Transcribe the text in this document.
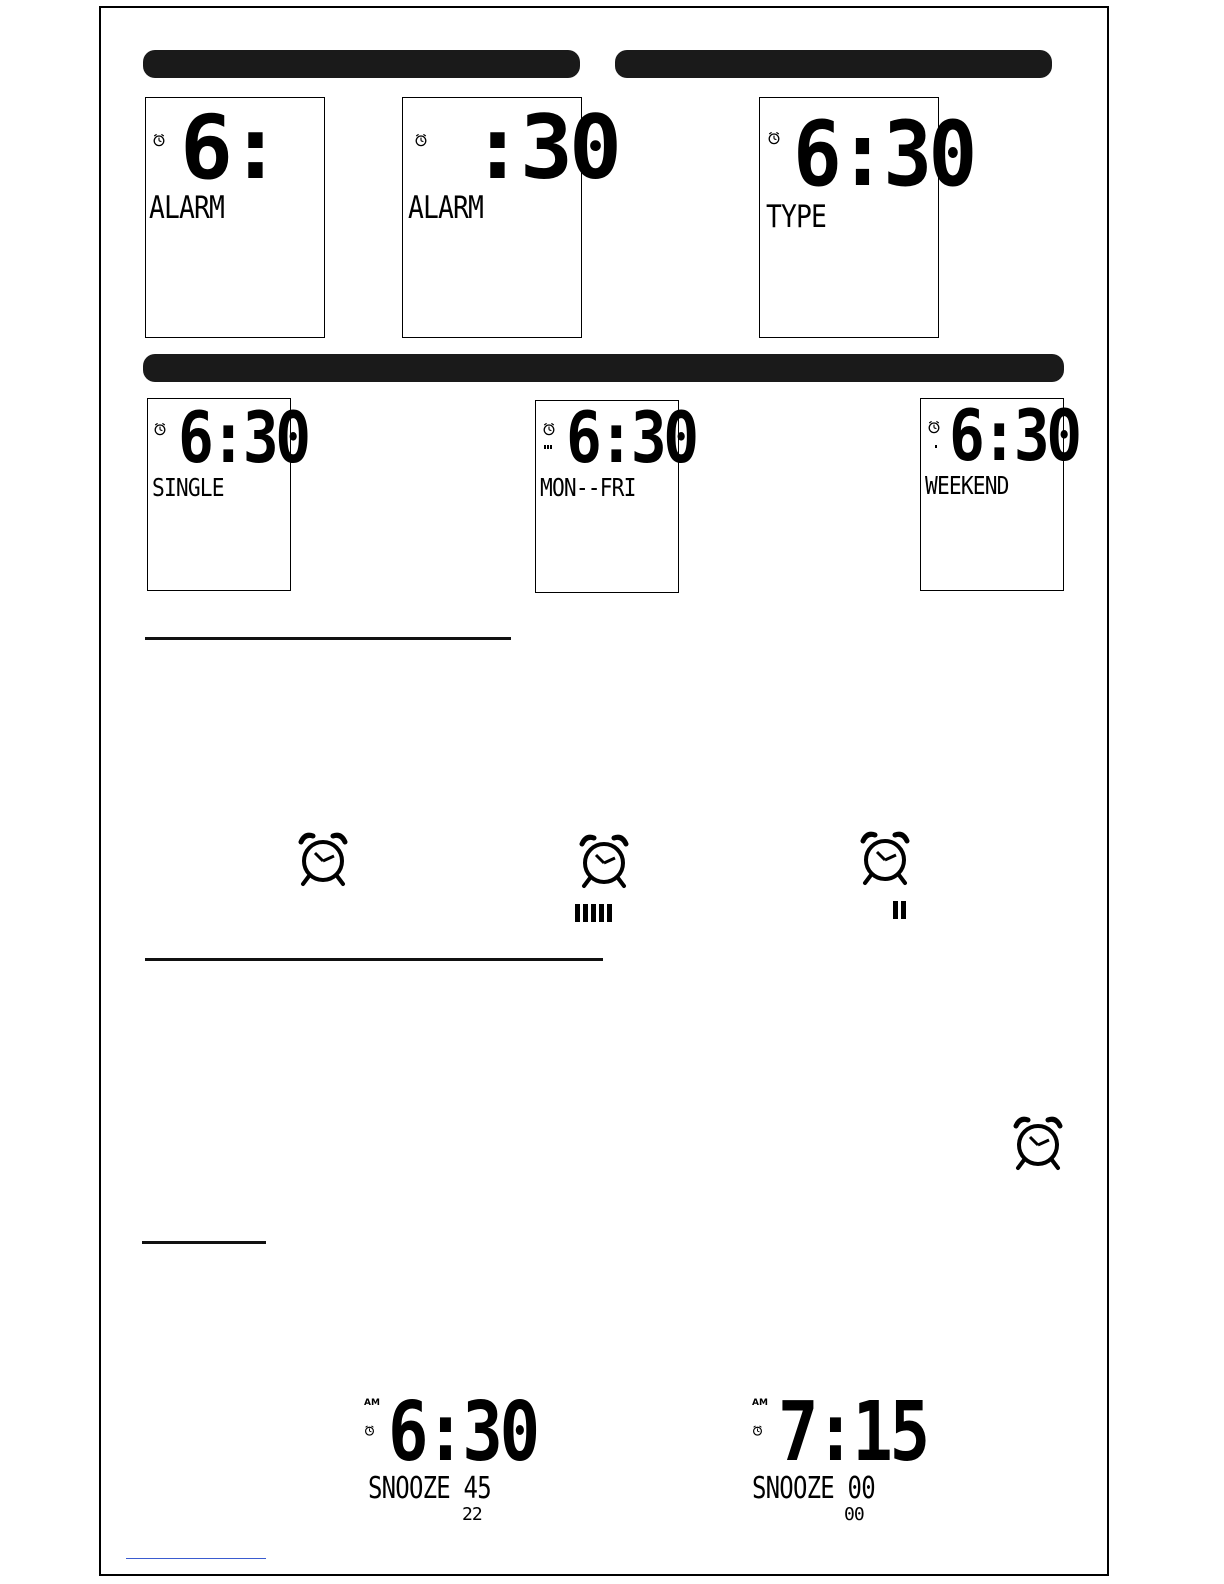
6:
ALARM
:30
ALARM
6:30
TYPE
6:30
SINGLE
6:30
MON--FRI
6:30
WEEKEND
AM 6:30
SNOOZE 45
22
AM 7:15
SNOOZE 00
00
